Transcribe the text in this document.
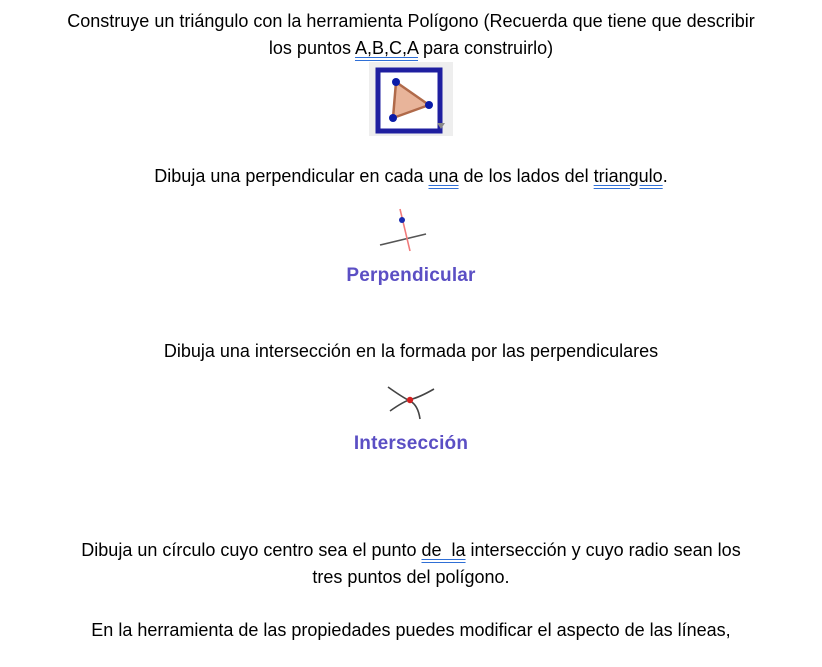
Construye un triángulo con la herramienta Polígono (Recuerda que tiene que describir
los puntos A,B,C,A para construirlo)
Dibuja una perpendicular en cada una de los lados del triangulo.
Perpendicular
Dibuja una intersección en la formada por las perpendiculares
Intersección
Dibuja un círculo cuyo centro sea el punto de  la intersección y cuyo radio sean los
tres puntos del polígono.
En la herramienta de las propiedades puedes modificar el aspecto de las líneas,
